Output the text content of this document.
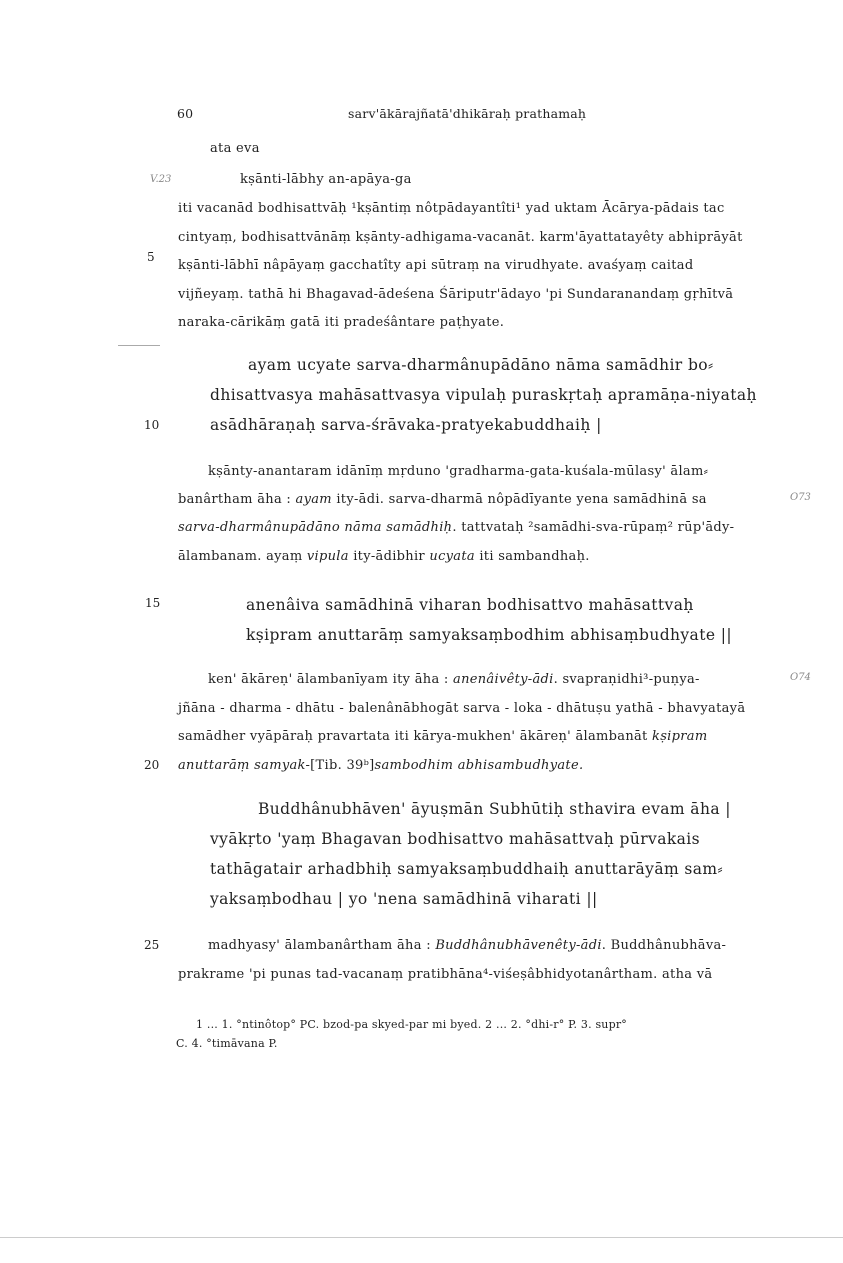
60	sarv'ākārajñatā'dhikāraḥ prathamaḥ
V.23
ata eva
kṣānti-lābhy an-apāya-ga
iti vacanād bodhisattvāḥ ¹kṣāntiṃ nôtpādayantîti¹ yad uktam Ācārya-pādais tac
cintyaṃ, bodhisattvānāṃ kṣānty-adhigama-vacanāt. karm'āyattatayêty abhiprāyāt
5
kṣānti-lābhī nâpāyaṃ gacchatîty api sūtraṃ na virudhyate. avaśyaṃ caitad
vijñeyaṃ. tathā hi Bhagavad-ādeśena Śāriputr'ādayo 'pi Sundaranandaṃ gṛhītvā
naraka-cārikāṃ gatā iti pradeśântare paṭhyate.
ayam ucyate sarva-dharmânupādāno nāma samādhir bo⸗
dhisattvasya mahāsattvasya vipulaḥ puraskṛtaḥ apramāṇa-niyataḥ
10	asādhāraṇaḥ sarva-śrāvaka-pratyekabuddhaiḥ |
kṣānty-anantaram idānīṃ mṛduno 'gradharma-gata-kuśala-mūlasy' ālam⸗
banârtham āha : ayam ity-ādi. sarva-dharmā nôpādīyante yena samādhinā sa	O73
sarva-dharmânupādāno nāma samādhiḥ. tattvataḥ ²samādhi-sva-rūpaṃ² rūp'ādy-
ālambanam. ayaṃ vipula ity-ādibhir ucyata iti sambandhaḥ.
15	anenâiva samādhinā viharan bodhisattvo mahāsattvaḥ
kṣipram anuttarāṃ samyaksaṃbodhim abhisaṃbudhyate ||
ken' ākāreṇ' ālambanīyam ity āha : anenâivêty-ādi. svapraṇidhi³-puṇya-	O74
jñāna - dharma - dhātu - balenânābhogāt sarva - loka - dhātuṣu yathā - bhavyatayā
samādher vyāpāraḥ pravartata iti kārya-mukhen' ākāreṇ' ālambanāt kṣipram
20 anuttarāṃ samyak-[Tib. 39ᵇ]sambodhim abhisambudhyate.
Buddhânubhāven' āyuṣmān Subhūtiḥ sthavira evam āha |
vyākṛto 'yaṃ Bhagavan bodhisattvo mahāsattvaḥ pūrvakais
tathāgatair arhadbhiḥ samyaksaṃbuddhaiḥ anuttarāyāṃ sam⸗
yaksaṃbodhau | yo 'nena samādhinā viharati ||
25	madhyasy' ālambanârtham āha : Buddhânubhāvenêty-ādi. Buddhânubhāva-
prakrame 'pi punas tad-vacanaṃ pratibhāna⁴-viśeṣâbhidyotanârtham. atha vā
1 ... 1. °ntinôtop° PC. bzod-pa skyed-par mi byed. 2 ... 2. °dhi-r° P. 3. supr°
C. 4. °timāvana P.
